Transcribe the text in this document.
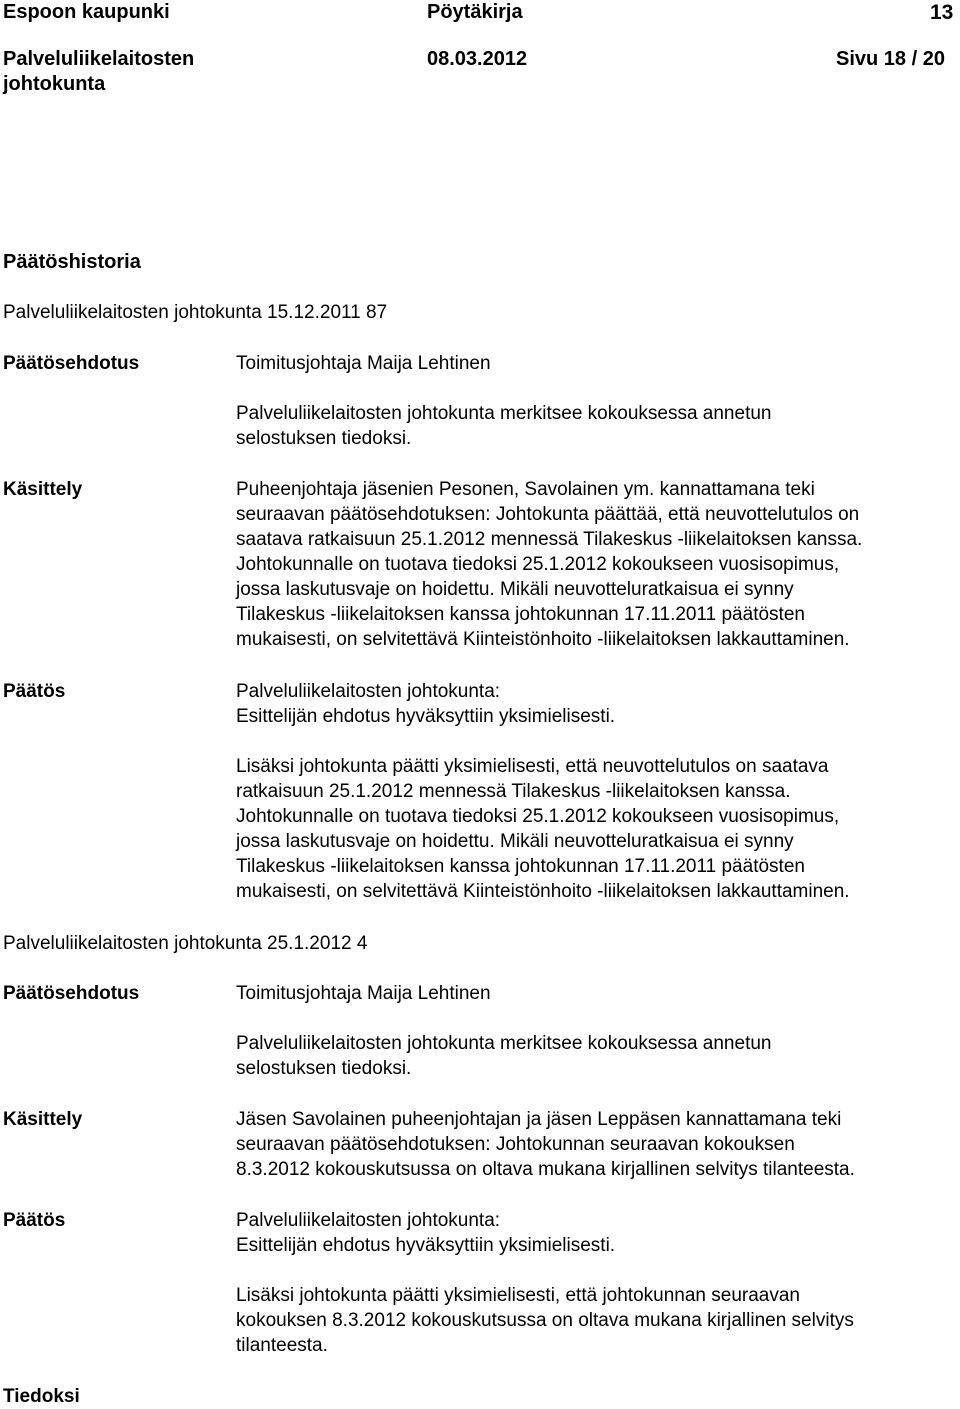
Espoon kaupunki	Pöytäkirja	13
Palveluliikelaitosten
johtokunta
08.03.2012	Sivu 18 / 20
Päätöshistoria
Palveluliikelaitosten johtokunta 15.12.2011 87
Päätösehdotus	Toimitusjohtaja Maija Lehtinen

Palveluliikelaitosten johtokunta merkitsee kokouksessa annetun
selostuksen tiedoksi.
Käsittely	Puheenjohtaja jäsenien Pesonen, Savolainen ym. kannattamana teki
seuraavan päätösehdotuksen: Johtokunta päättää, että neuvottelutulos on
saatava ratkaisuun 25.1.2012 mennessä Tilakeskus -liikelaitoksen kanssa.
Johtokunnalle on tuotava tiedoksi 25.1.2012 kokoukseen vuosisopimus,
jossa laskutusvaje on hoidettu. Mikäli neuvotteluratkaisua ei synny
Tilakeskus -liikelaitoksen kanssa johtokunnan 17.11.2011 päätösten
mukaisesti, on selvitettävä Kiinteistönhoito -liikelaitoksen lakkauttaminen.
Päätös	Palveluliikelaitosten johtokunta:
Esittelijän ehdotus hyväksyttiin yksimielisesti.

Lisäksi johtokunta päätti yksimielisesti, että neuvottelutulos on saatava
ratkaisuun 25.1.2012 mennessä Tilakeskus -liikelaitoksen kanssa.
Johtokunnalle on tuotava tiedoksi 25.1.2012 kokoukseen vuosisopimus,
jossa laskutusvaje on hoidettu. Mikäli neuvotteluratkaisua ei synny
Tilakeskus -liikelaitoksen kanssa johtokunnan 17.11.2011 päätösten
mukaisesti, on selvitettävä Kiinteistönhoito -liikelaitoksen lakkauttaminen.
Palveluliikelaitosten johtokunta 25.1.2012 4
Päätösehdotus	Toimitusjohtaja Maija Lehtinen

Palveluliikelaitosten johtokunta merkitsee kokouksessa annetun
selostuksen tiedoksi.
Käsittely	Jäsen Savolainen puheenjohtajan ja jäsen Leppäsen kannattamana teki
seuraavan päätösehdotuksen: Johtokunnan seuraavan kokouksen
8.3.2012 kokouskutsussa on oltava mukana kirjallinen selvitys tilanteesta.
Päätös	Palveluliikelaitosten johtokunta:
Esittelijän ehdotus hyväksyttiin yksimielisesti.

Lisäksi johtokunta päätti yksimielisesti, että johtokunnan seuraavan
kokouksen 8.3.2012 kokouskutsussa on oltava mukana kirjallinen selvitys
tilanteesta.
Tiedoksi
